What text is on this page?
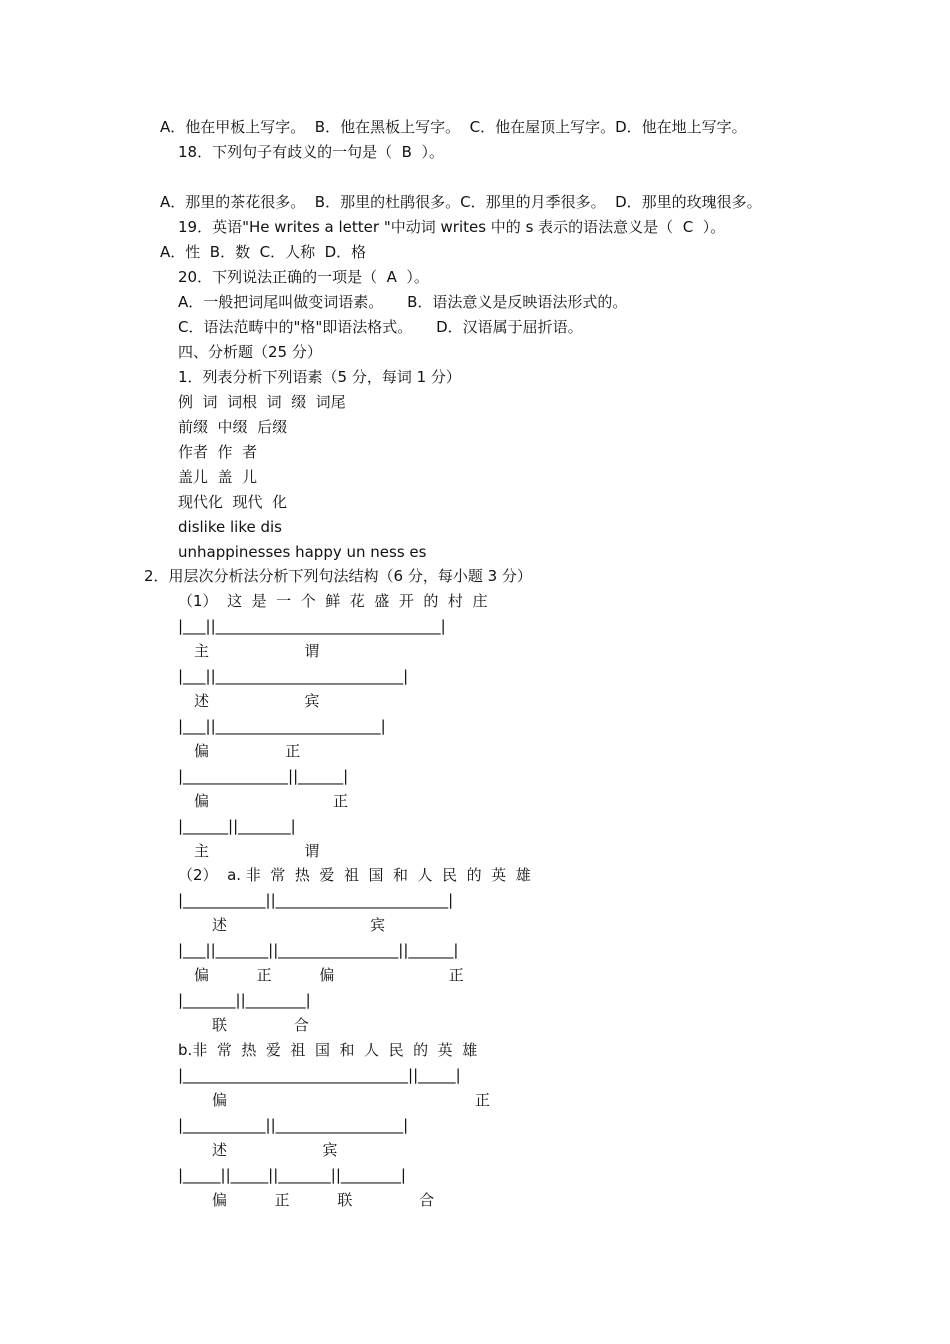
A．他在甲板上写字。  B．他在黑板上写字。  C．他在屋顶上写字。D．他在地上写字。
18．下列句子有歧义的一句是（  B  ）。
A．那里的茶花很多。  B．那里的杜鹃很多。C．那里的月季很多。  D．那里的玫瑰很多。
19．英语"He writes a letter "中动词 writes 中的 s 表示的语法意义是（  C  ）。
A．性  B．数  C．人称  D．格
20．下列说法正确的一项是（  A  ）。
A．一般把词尾叫做变词语素。     B．语法意义是反映语法形式的。
C．语法范畴中的"格"即语法格式。     D．汉语属于屈折语。
四、分析题（25 分）
1．列表分析下列语素（5 分，每词 1 分）
例  词  词根  词  缀  词尾
前缀  中缀  后缀
作者  作  者
盖儿  盖  儿
现代化  现代  化
dislike like dis
unhappinesses happy un ness es
2．用层次分析法分析下列句法结构（6 分，每小题 3 分）
（1）  这  是  一  个  鲜  花  盛  开  的  村  庄
|___||______________________________|
主                    谓
|___||_________________________|
述                    宾
|___||______________________|
偏                正
|______________||______|
偏                          正
|______||_______|
主                    谓
（2）  a. 非  常  热  爱  祖  国  和  人  民  的  英  雄
|___________||_______________________|
述                              宾
|___||_______||________________||______|
偏          正          偏                        正
|_______||________|
联              合
b.非  常  热  爱  祖  国  和  人  民  的  英  雄
|______________________________||_____|
偏                                                    正
|___________||_________________|
述                    宾
|_____||_____||_______||________|
偏          正          联              合
